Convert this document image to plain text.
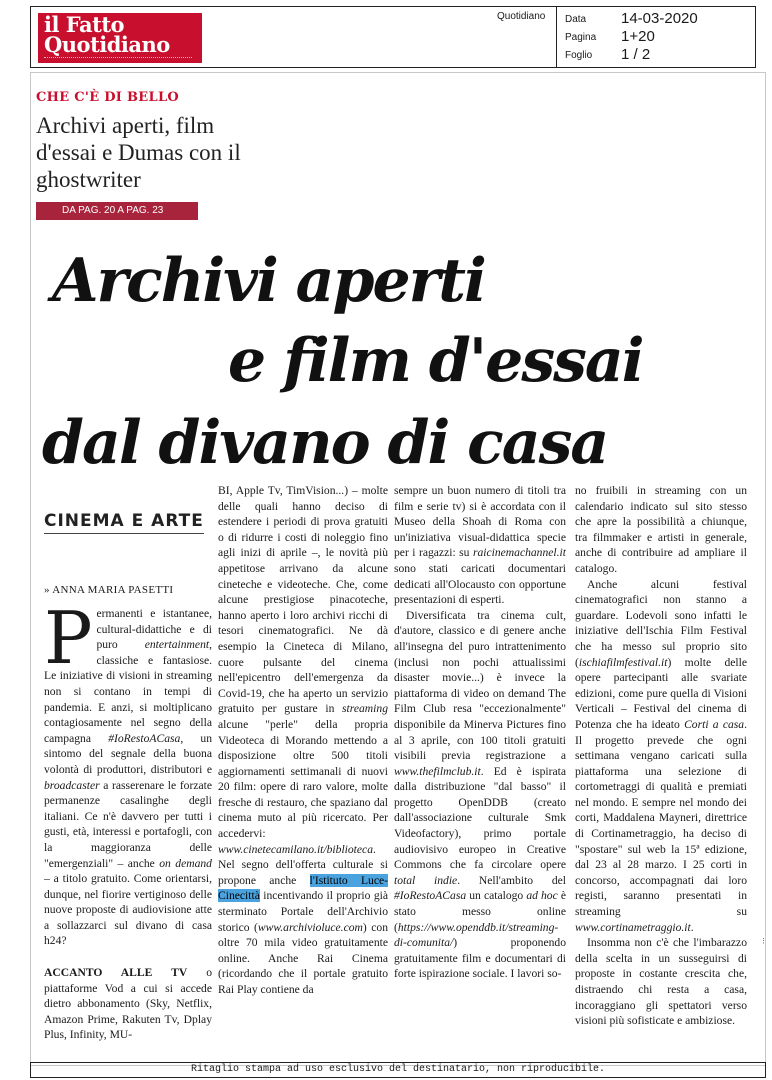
il Fatto
Quotidiano
Quotidiano Data 14-03-2020
Pagina 1+20
Foglio 1 / 2
CHE C'È DI BELLO
Archivi aperti, film d'essai e Dumas con il ghostwriter
DA PAG. 20 A PAG. 23
Archivi aperti
e film d'essai
dal divano di casa
CINEMA E ARTE
» ANNA MARIA PASETTI

Permanenti e istantanee, cultural-didattiche e di puro entertainment, classiche e fantasiose. Le iniziative di visioni in streaming non si contano in tempi di pandemia. E anzi, si moltiplicano contagiosamente nel segno della campagna #IoRestoACasa, un sintomo del segnale della buona volontà di produttori, distributori e broadcaster a rasserenare le forzate permanenze casalinghe degli italiani. Ce n'è davvero per tutti i gusti, età, interessi e portafogli, con la maggioranza delle "emergenziali" – anche on demand – a titolo gratuito. Come orientarsi, dunque, nel fiorire vertiginoso delle nuove proposte di audiovisione atte a sollazzarci sul divano di casa h24?

ACCANTO ALLE TV o piattaforme Vod a cui si accede dietro abbonamento (Sky, Netflix, Amazon Prime, Rakuten Tv, Dplay Plus, Infinity, MU-

BI, Apple Tv, TimVision...) – molte delle quali hanno deciso di estendere i periodi di prova gratuiti o di ridurre i costi di noleggio fino agli inizi di aprile –, le novità più appetitose arrivano da alcune cineteche e videoteche. Che, come alcune prestigiose pinacoteche, hanno aperto i loro archivi ricchi di tesori cinematografici. Ne dà esempio la Cineteca di Milano, cuore pulsante del cinema nell'epicentro dell'emergenza da Covid-19, che ha aperto un servizio gratuito per gustare in streaming alcune "perle" della propria Videoteca di Morando mettendo a disposizione oltre 500 titoli aggiornamenti settimanali di nuovi 20 film: opere di raro valore, molte fresche di restauro, che spaziano dal cinema muto al più ricercato. Per accedervi: www.cinetecamilano.it/biblioteca. Nel segno dell'offerta culturale si propone anche l'Istituto Luce-Cinecittà incentivando il proprio già sterminato Portale dell'Archivio storico (www.archivioluce.com) con oltre 70 mila video gratuitamente online. Anche Rai Cinema (ricordando che il portale gratuito Rai Play contiene da

sempre un buon numero di titoli tra film e serie tv) si è accordata con il Museo della Shoah di Roma con un'iniziativa visual-didattica specie per i ragazzi: su raicinemachannel.it sono stati caricati documentari dedicati all'Olocausto con opportune presentazioni di esperti.

Diversificata tra cinema cult, d'autore, classico e di genere anche all'insegna del puro intrattenimento (inclusi non pochi attualissimi disaster movie...) è invece la piattaforma di video on demand The Film Club resa "eccezionalmente" disponibile da Minerva Pictures fino al 3 aprile, con 100 titoli gratuiti visibili previa registrazione a www.thefilmclub.it. Ed è ispirata dalla distribuzione "dal basso" il progetto OpenDDB (creato dall'associazione culturale Smk Videofactory), primo portale audiovisivo europeo in Creative Commons che fa circolare opere total indie. Nell'ambito del #IoRestoACasa un catalogo ad hoc è stato messo online (https://www.openddb.it/streaming-di-comunita/) proponendo gratuitamente film e documentari di forte ispirazione sociale. I lavori so-

no fruibili in streaming con un calendario indicato sul sito stesso che apre la possibilità a chiunque, tra filmmaker e artisti in generale, anche di contribuire ad ampliare il catalogo.

Anche alcuni festival cinematografici non stanno a guardare. Lodevoli sono infatti le iniziative dell'Ischia Film Festival che ha messo sul proprio sito (ischiafilmfestival.it) molte delle opere partecipanti alle svariate edizioni, come pure quella di Visioni Verticali – Festival del cinema di Potenza che ha ideato Corti a casa. Il progetto prevede che ogni settimana vengano caricati sulla piattaforma una selezione di cortometraggi di qualità e premiati nel mondo. E sempre nel mondo dei corti, Maddalena Mayneri, direttrice di Cortinametraggio, ha deciso di "spostare" sul web la 15ª edizione, dal 23 al 28 marzo. I 25 corti in concorso, accompagnati dai loro registi, saranno presentati in streaming su www.cortinametraggio.it.

Insomma non c'è che l'imbarazzo della scelta in un susseguirsi di proposte in costante crescita che, distraendo chi resta a casa, incoraggiano gli spettatori verso visioni più sofisticate e ambiziose.

⋮
Ritaglio stampa ad uso esclusivo del destinatario, non riproducibile.
